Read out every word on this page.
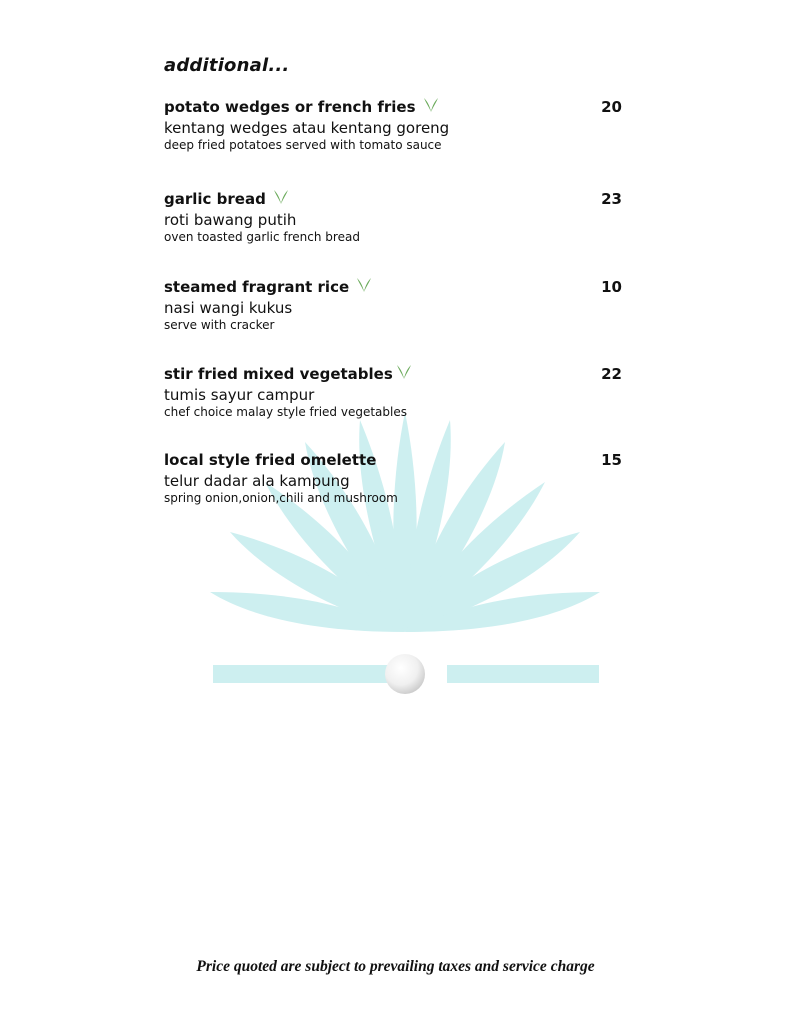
additional...
potato wedges or french fries	20
kentang wedges atau kentang goreng
deep fried potatoes served with tomato sauce
garlic bread	23
roti bawang putih
oven toasted garlic french bread
steamed fragrant rice	10
nasi wangi kukus
serve with cracker
stir fried mixed vegetables	22
tumis sayur campur
chef choice malay style fried vegetables
local style fried omelette	15
telur dadar ala kampung
spring onion,onion,chili and mushroom
Price quoted are subject to prevailing taxes and service charge
